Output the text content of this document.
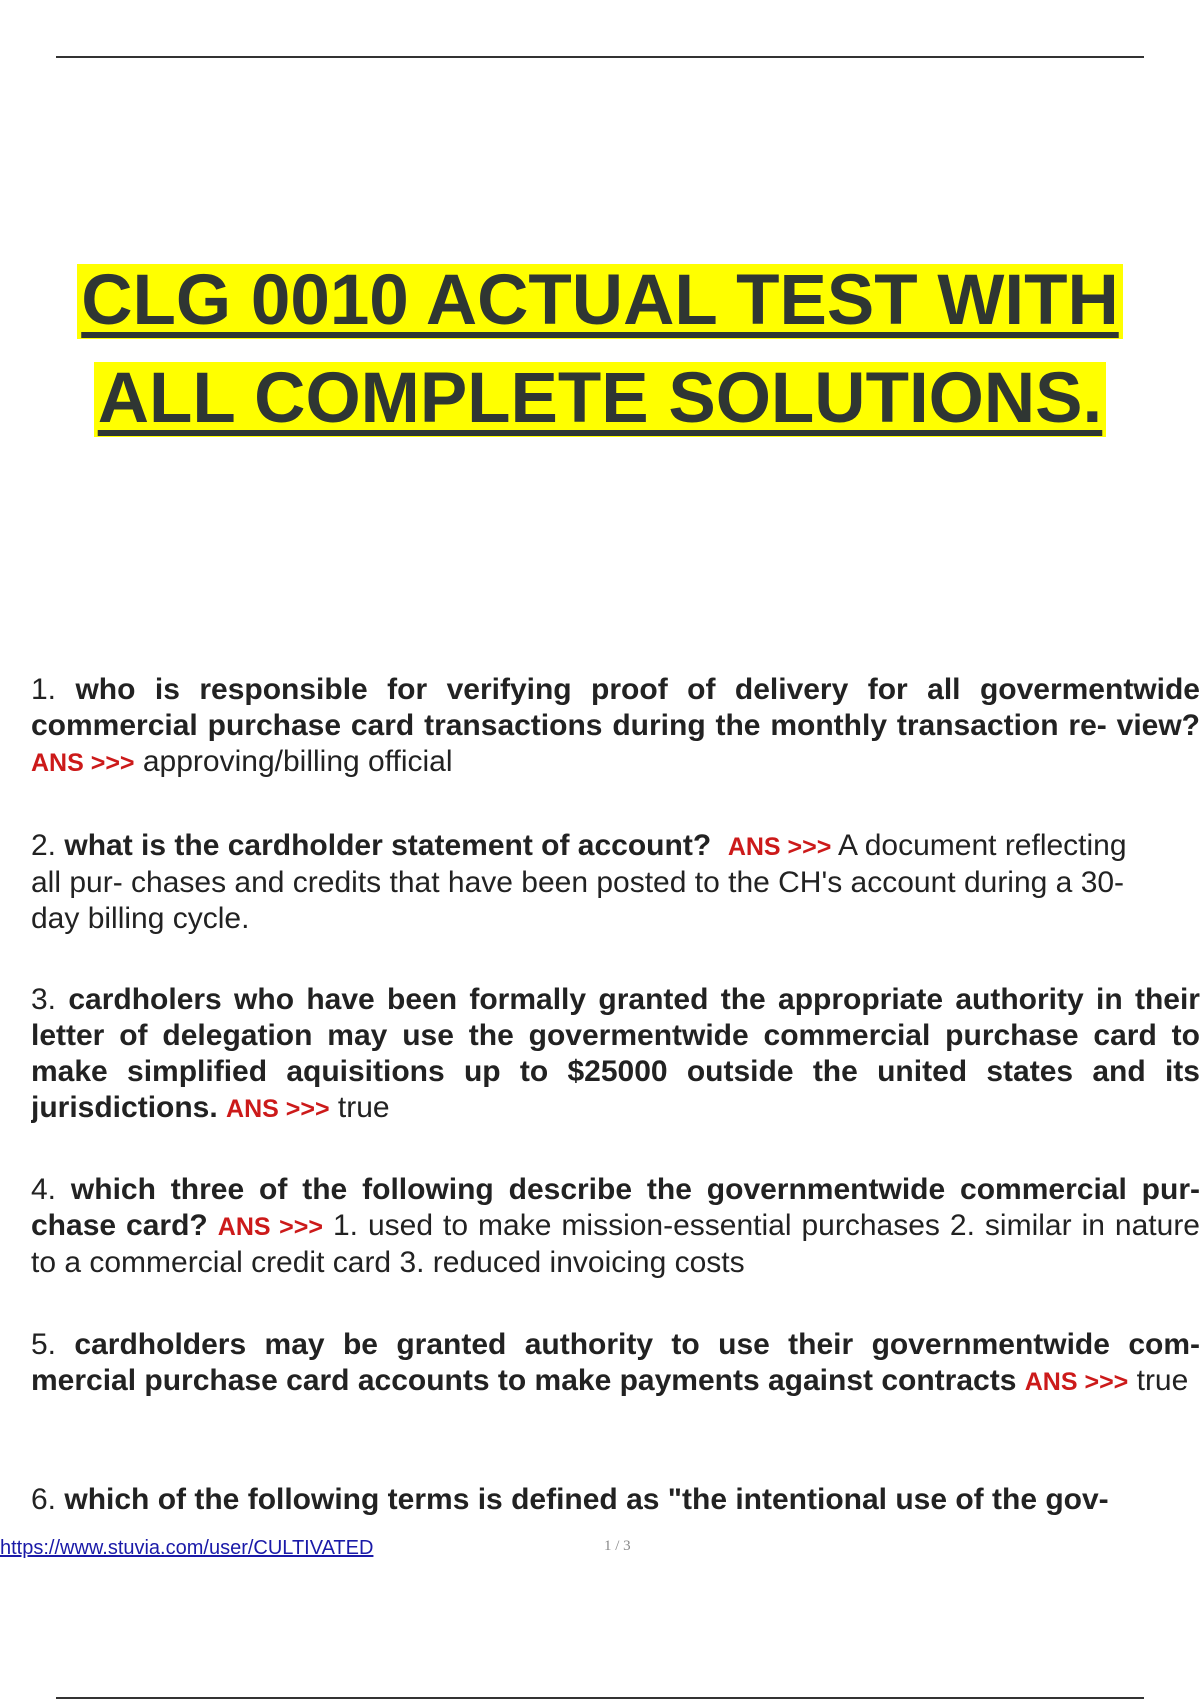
CLG 0010 ACTUAL TEST WITH
ALL COMPLETE SOLUTIONS.
1. who is responsible for verifying proof of delivery for all govermentwide commercial purchase card transactions during the monthly transaction re- view? ANS >>> approving/billing official
2. what is the cardholder statement of account? ANS >>> A document reflecting
all pur- chases and credits that have been posted to the CH's account during a 30-
day billing cycle.
3. cardholers who have been formally granted the appropriate authority in their letter of delegation may use the govermentwide commercial purchase card to make simplified aquisitions up to $25000 outside the united states and its jurisdictions. ANS >>> true
4. which three of the following describe the governmentwide commercial pur- chase card? ANS >>> 1. used to make mission-essential purchases 2. similar in nature to a commercial credit card 3. reduced invoicing costs
5. cardholders may be granted authority to use their governmentwide com- mercial purchase card accounts to make payments against contracts ANS >>> true
6. which of the following terms is defined as "the intentional use of the gov-
https://www.stuvia.com/user/CULTIVATED	1 / 3
